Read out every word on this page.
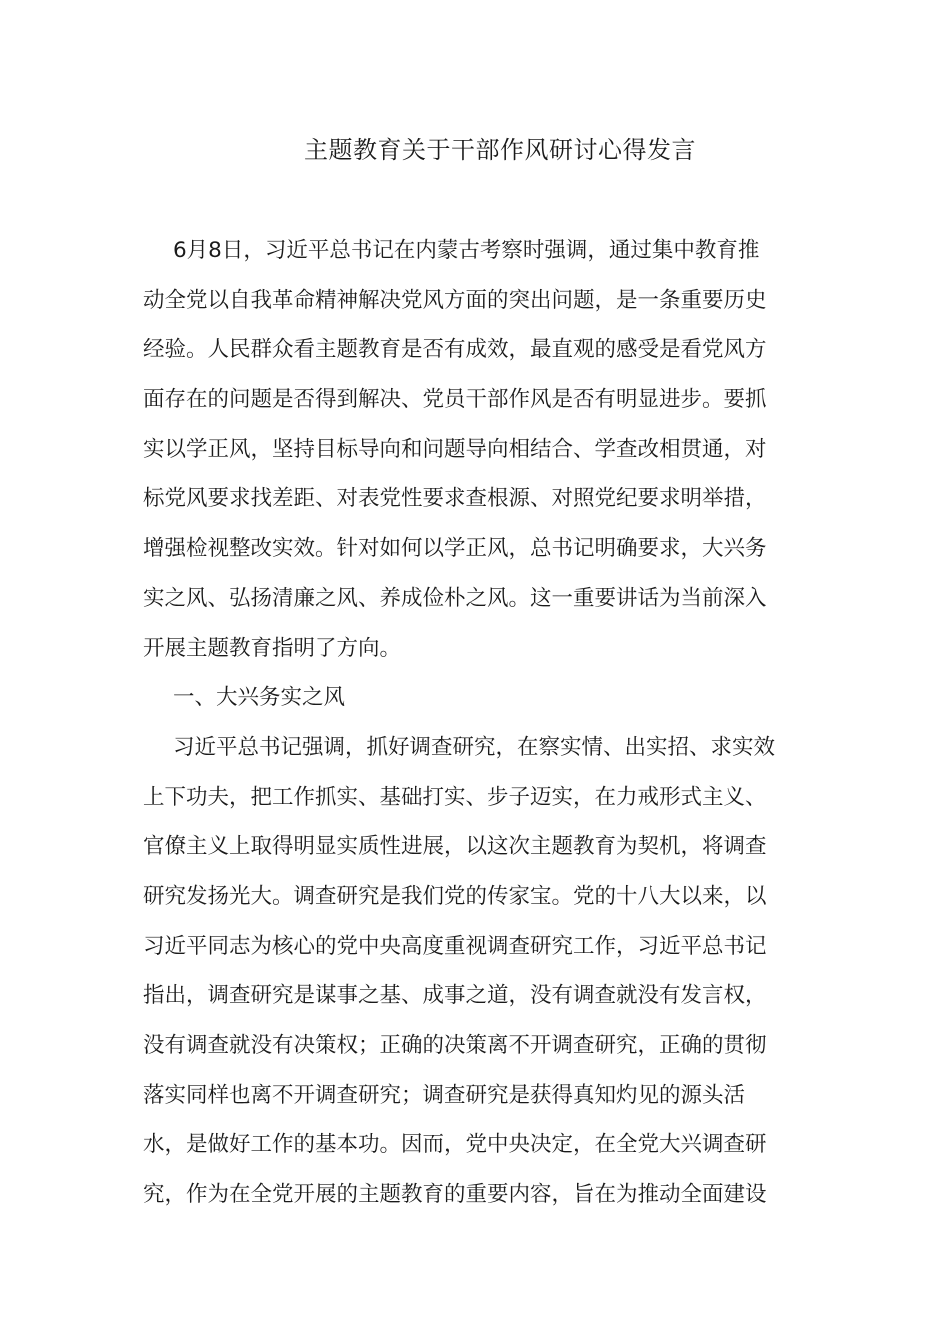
主题教育关于干部作风研讨心得发言
6月8日，习近平总书记在内蒙古考察时强调，通过集中教育推
动全党以自我革命精神解决党风方面的突出问题，是一条重要历史
经验。人民群众看主题教育是否有成效，最直观的感受是看党风方
面存在的问题是否得到解决、党员干部作风是否有明显进步。要抓
实以学正风，坚持目标导向和问题导向相结合、学查改相贯通，对
标党风要求找差距、对表党性要求查根源、对照党纪要求明举措，
增强检视整改实效。针对如何以学正风，总书记明确要求，大兴务
实之风、弘扬清廉之风、养成俭朴之风。这一重要讲话为当前深入
开展主题教育指明了方向。
一、大兴务实之风
习近平总书记强调，抓好调查研究，在察实情、出实招、求实效
上下功夫，把工作抓实、基础打实、步子迈实，在力戒形式主义、
官僚主义上取得明显实质性进展，以这次主题教育为契机，将调查
研究发扬光大。调查研究是我们党的传家宝。党的十八大以来，以
习近平同志为核心的党中央高度重视调查研究工作，习近平总书记
指出，调查研究是谋事之基、成事之道，没有调查就没有发言权，
没有调查就没有决策权；正确的决策离不开调查研究，正确的贯彻
落实同样也离不开调查研究；调查研究是获得真知灼见的源头活
水，是做好工作的基本功。因而，党中央决定，在全党大兴调查研
究，作为在全党开展的主题教育的重要内容，旨在为推动全面建设
